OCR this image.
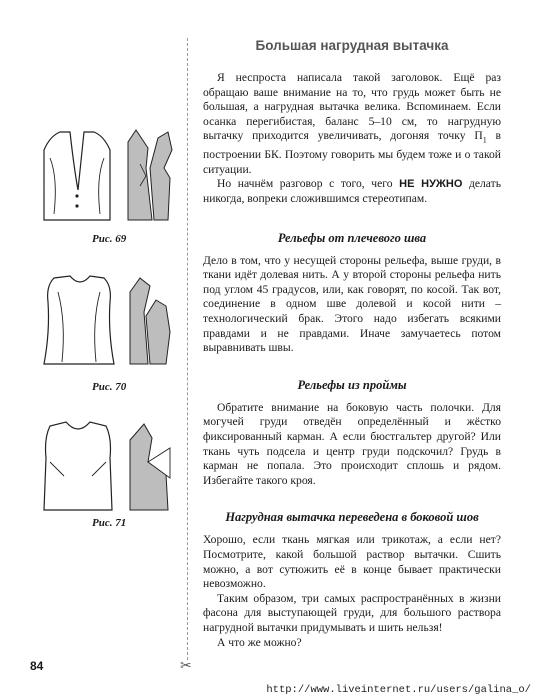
Рис. 69
Рис. 70
Рис. 71
✂
Большая нагрудная вытачка

Я неспроста написала такой заголовок. Ещё раз обращаю ваше внимание на то, что грудь может быть не большая, а нагрудная вытачка велика. Вспоминаем. Если осанка перегибистая, баланс 5–10 см, то нагрудную вытачку приходится увеличивать, догоняя точку $П_1$ в построении БК. Поэтому говорить мы будем тоже и о такой ситуации.

Но начнём разговор с того, чего НЕ НУЖНО делать никогда, вопреки сложившимся стереотипам.

Рельефы от плечевого шва

Дело в том, что у несущей стороны рельефа, выше груди, в ткани идёт долевая нить. А у второй стороны рельефа нить под углом 45 градусов, или, как говорят, по косой. Так вот, соединение в одном шве долевой и косой нити – технологический брак. Этого надо избегать всякими правдами и не правдами. Иначе замучаетесь потом выравнивать швы.

Рельефы из проймы

Обратите внимание на боковую часть полочки. Для могучей груди отведён определённый и жёстко фиксированный карман. А если бюстгальтер другой? Или ткань чуть подсела и центр груди подскочил? Грудь в карман не попала. Это происходит сплошь и рядом. Избегайте такого кроя.

Нагрудная вытачка переведена в боковой шов

Хорошо, если ткань мягкая или трикотаж, а если нет? Посмотрите, какой большой раствор вытачки. Сшить можно, а вот сутюжить её в конце бывает практически невозможно.

Таким образом, три самых распространённых в жизни фасона для выступающей груди, для большого раствора нагрудной вытачки придумывать и шить нельзя!

А что же можно?

84
http://www.liveinternet.ru/users/galina_o/
